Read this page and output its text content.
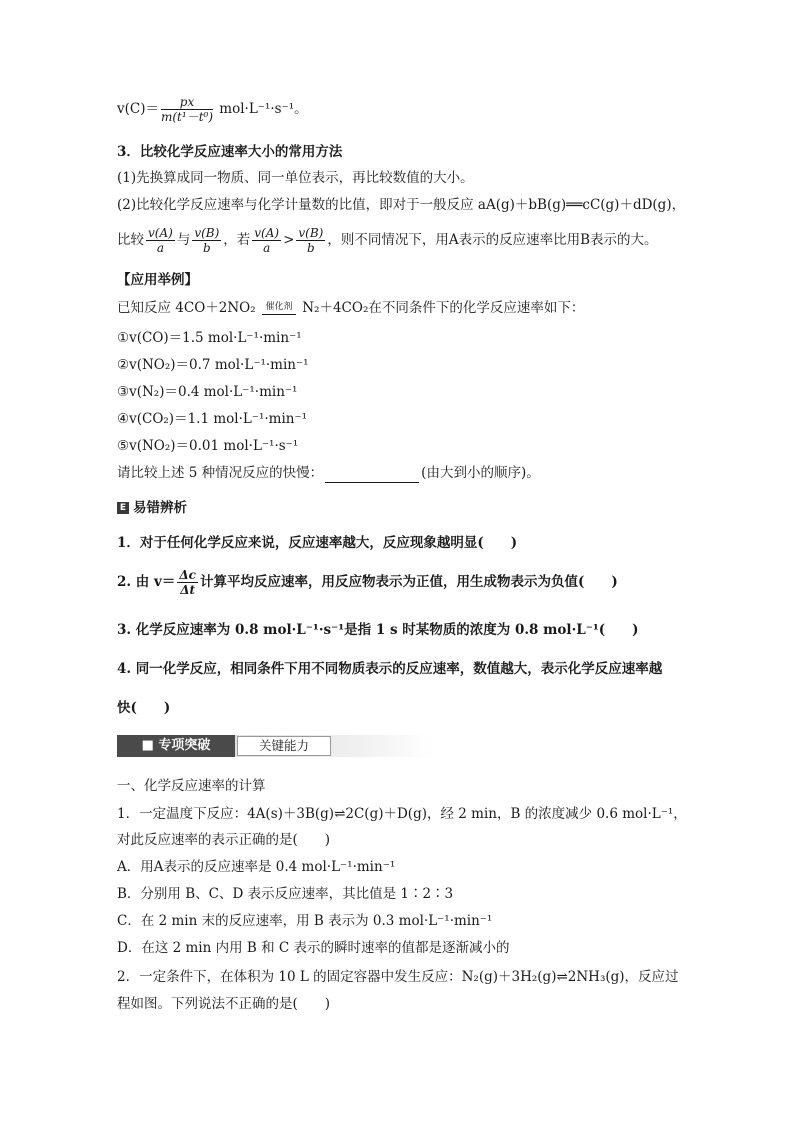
$v(C)= \frac{px}{\text{m(t¹－t⁰)}} mol\cdot L^{-1}\cdot s^{-1}$。
3．比较化学反应速率大小的常用方法
(1)先换算成同一物质、同一单位表示，再比较数值的大小。
(2)比较化学反应速率与化学计量数的比值，即对于一般反应 aA(g)＋bB(g)══cC(g)＋dD(g)，
比较 $\frac{v(A)}{a}$ 与 $\frac{v(B)}{b}$ ，若 $\frac{v(A)}{a} > \frac{v(B)}{b}$ ，则不同情况下，用A表示的反应速率比用B表示的大。
【应用举例】
已知反应 4CO＋2NO₂ 催化剂 N₂＋4CO₂在不同条件下的化学反应速率如下：
①v(CO)＝1.5 mol·L⁻¹·min⁻¹
②v(NO₂)＝0.7 mol·L⁻¹·min⁻¹
③v(N₂)＝0.4 mol·L⁻¹·min⁻¹
④v(CO₂)＝1.1 mol·L⁻¹·min⁻¹
⑤v(NO₂)＝0.01 mol·L⁻¹·s⁻¹
请比较上述 5 种情况反应的快慢：	(由大到小的顺序)。
E 易错辨析
1．对于任何化学反应来说，反应速率越大，反应现象越明显(　　)
2. 由 $v= \frac{\Delta c}{\Delta t}$ 计算平均反应速率，用反应物表示为正值，用生成物表示为负值(　　)
3. 化学反应速率为 0.8 mol·L⁻¹·s⁻¹是指 1 s 时某物质的浓度为 0.8 mol·L⁻¹(　　)
4. 同一化学反应，相同条件下用不同物质表示的反应速率，数值越大，表示化学反应速率越
快(　　)
■ 专项突破	关键能力
一、化学反应速率的计算
1．一定温度下反应：4A(s)＋3B(g)⇌2C(g)＋D(g)，经 2 min，B 的浓度减少 0.6 mol·L⁻¹，
对此反应速率的表示正确的是(　　)
A．用A表示的反应速率是 0.4 mol·L⁻¹·min⁻¹
B．分别用 B、C、D 表示反应速率，其比值是 1∶2∶3
C．在 2 min 末的反应速率，用 B 表示为 0.3 mol·L⁻¹·min⁻¹
D．在这 2 min 内用 B 和 C 表示的瞬时速率的值都是逐渐减小的
2．一定条件下，在体积为 10 L 的固定容器中发生反应：N₂(g)＋3H₂(g)⇌2NH₃(g)，反应过
程如图。下列说法不正确的是(　　)
